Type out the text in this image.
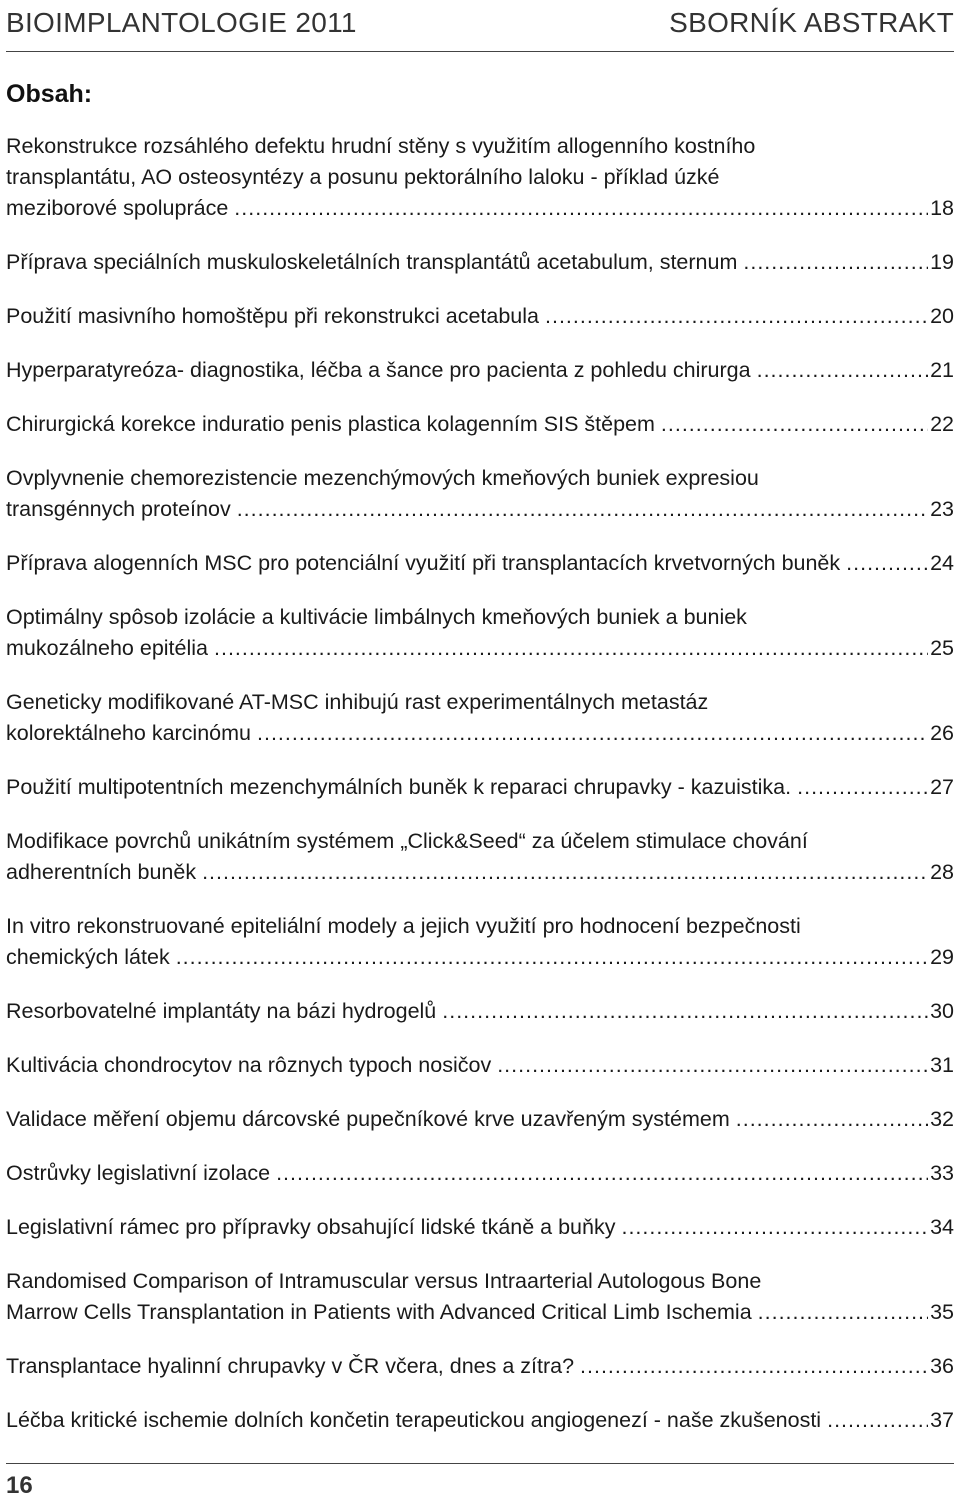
BIOIMPLANTOLOGIE 2011	SBORNÍK ABSTRAKT
Obsah:
Rekonstrukce rozsáhlého defektu hrudní stěny s využitím allogenního kostního
transplantátu, AO osteosyntézy a posunu pektorálního laloku - příklad úzké
meziborové spolupráce .....	18
Příprava speciálních muskuloskeletálních transplantátů acetabulum, sternum .....	19
Použití masivního homoštěpu při rekonstrukci acetabula .....	20
Hyperparatyreóza- diagnostika, léčba a šance pro pacienta z pohledu chirurga .....	21
Chirurgická korekce induratio penis plastica kolagenním SIS štěpem .....	22
Ovplyvnenie chemorezistencie mezenchýmových kmeňových buniek expresiou
transgénnych proteínov .....	23
Příprava alogenních MSC pro potenciální využití při transplantacích krvetvorných buněk .....	24
Optimálny spôsob izolácie a kultivácie limbálnych kmeňových buniek a buniek
mukozálneho epitélia .....	25
Geneticky modifikované AT-MSC inhibujú rast experimentálnych metastáz
kolorektálneho karcinómu .....	26
Použití multipotentních mezenchymálních buněk k reparaci chrupavky - kazuistika. .....	27
Modifikace povrchů unikátním systémem „Click&Seed“ za účelem stimulace chování
adherentních buněk .....	28
In vitro rekonstruované epiteliální modely a jejich využití pro hodnocení bezpečnosti
chemických látek .....	29
Resorbovatelné implantáty na bázi hydrogelů .....	30
Kultivácia chondrocytov na rôznych typoch nosičov .....	31
Validace měření objemu dárcovské pupečníkové krve uzavřeným systémem .....	32
Ostrůvky legislativní izolace .....	33
Legislativní rámec pro přípravky obsahující lidské tkáně a buňky .....	34
Randomised Comparison of Intramuscular versus Intraarterial Autologous Bone
Marrow Cells Transplantation in Patients with Advanced Critical Limb Ischemia .....	35
Transplantace hyalinní chrupavky v ČR včera, dnes a zítra? .....	36
Léčba kritické ischemie dolních končetin terapeutickou angiogenezí - naše zkušenosti .....	37
16
